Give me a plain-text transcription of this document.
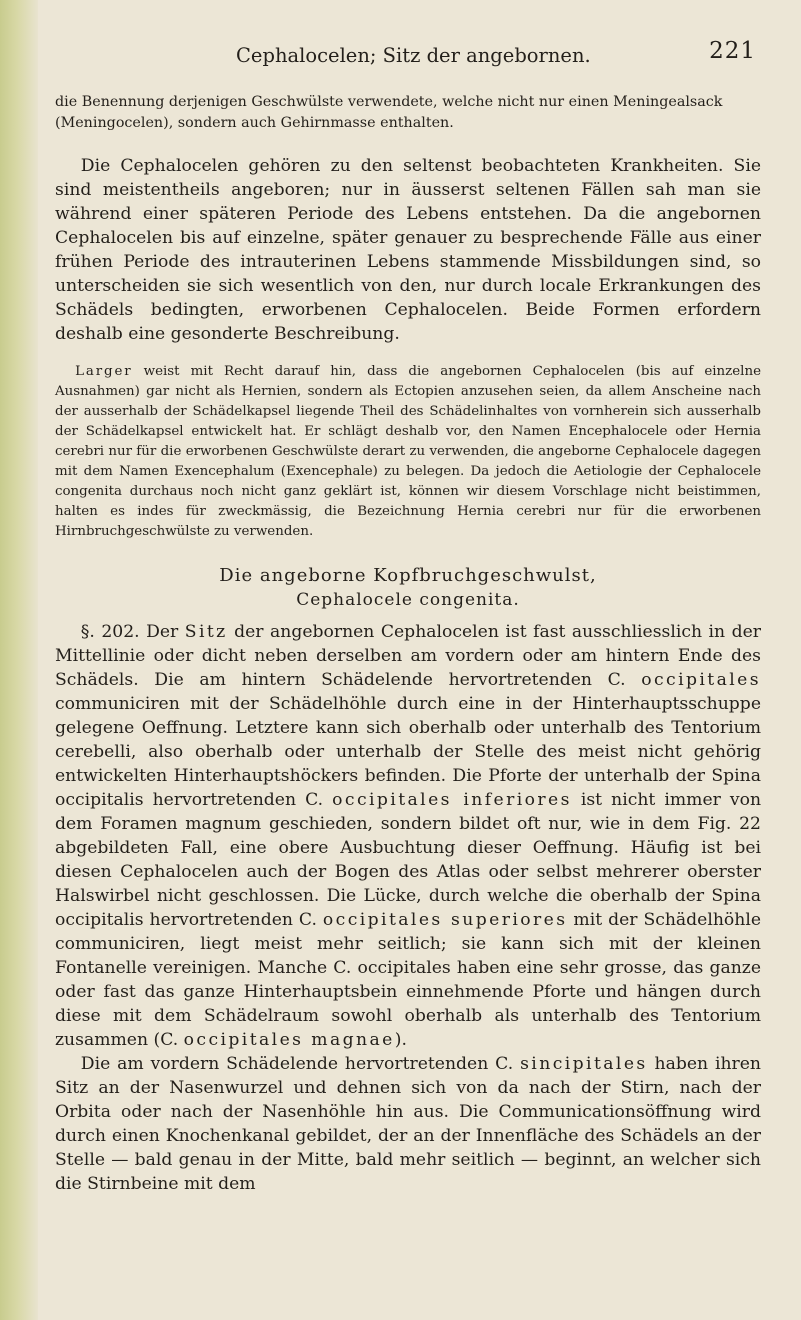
Cephalocelen; Sitz der angebornen.	221

die Benennung derjenigen Geschwülste verwendete, welche nicht nur einen Meningealsack (Meningocelen), sondern auch Gehirnmasse enthalten.

Die Cephalocelen gehören zu den seltenst beobachteten Krankheiten. Sie sind meistentheils angeboren; nur in äusserst seltenen Fällen sah man sie während einer späteren Periode des Lebens entstehen. Da die angebornen Cephalocelen bis auf einzelne, später genauer zu besprechende Fälle aus einer frühen Periode des intrauterinen Lebens stammende Missbildungen sind, so unterscheiden sie sich wesentlich von den, nur durch locale Erkrankungen des Schädels bedingten, erworbenen Cephalocelen. Beide Formen erfordern deshalb eine gesonderte Beschreibung.

Larger weist mit Recht darauf hin, dass die angebornen Cephalocelen (bis auf einzelne Ausnahmen) gar nicht als Hernien, sondern als Ectopien anzusehen seien, da allem Anscheine nach der ausserhalb der Schädelkapsel liegende Theil des Schädelinhaltes von vornherein sich ausserhalb der Schädelkapsel entwickelt hat. Er schlägt deshalb vor, den Namen Encephalocele oder Hernia cerebri nur für die erworbenen Geschwülste derart zu verwenden, die angeborne Cephalocele dagegen mit dem Namen Exencephalum (Exencephale) zu belegen. Da jedoch die Aetiologie der Cephalocele congenita durchaus noch nicht ganz geklärt ist, können wir diesem Vorschlage nicht beistimmen, halten es indes für zweckmässig, die Bezeichnung Hernia cerebri nur für die erworbenen Hirnbruchgeschwülste zu verwenden.

Die angeborne Kopfbruchgeschwulst,
Cephalocele congenita.

§. 202. Der Sitz der angebornen Cephalocelen ist fast ausschliesslich in der Mittellinie oder dicht neben derselben am vordern oder am hintern Ende des Schädels. Die am hintern Schädelende hervortretenden C. occipitales communiciren mit der Schädelhöhle durch eine in der Hinterhauptsschuppe gelegene Oeffnung. Letztere kann sich oberhalb oder unterhalb des Tentorium cerebelli, also oberhalb oder unterhalb der Stelle des meist nicht gehörig entwickelten Hinterhauptshöckers befinden. Die Pforte der unterhalb der Spina occipitalis hervortretenden C. occipitales inferiores ist nicht immer von dem Foramen magnum geschieden, sondern bildet oft nur, wie in dem Fig. 22 abgebildeten Fall, eine obere Ausbuchtung dieser Oeffnung. Häufig ist bei diesen Cephalocelen auch der Bogen des Atlas oder selbst mehrerer oberster Halswirbel nicht geschlossen. Die Lücke, durch welche die oberhalb der Spina occipitalis hervortretenden C. occipitales superiores mit der Schädelhöhle communiciren, liegt meist mehr seitlich; sie kann sich mit der kleinen Fontanelle vereinigen. Manche C. occipitales haben eine sehr grosse, das ganze oder fast das ganze Hinterhauptsbein einnehmende Pforte und hängen durch diese mit dem Schädelraum sowohl oberhalb als unterhalb des Tentorium zusammen (C. occipitales magnae).

Die am vordern Schädelende hervortretenden C. sincipitales haben ihren Sitz an der Nasenwurzel und dehnen sich von da nach der Stirn, nach der Orbita oder nach der Nasenhöhle hin aus. Die Communicationsöffnung wird durch einen Knochenkanal gebildet, der an der Innenfläche des Schädels an der Stelle — bald genau in der Mitte, bald mehr seitlich — beginnt, an welcher sich die Stirnbeine mit dem
